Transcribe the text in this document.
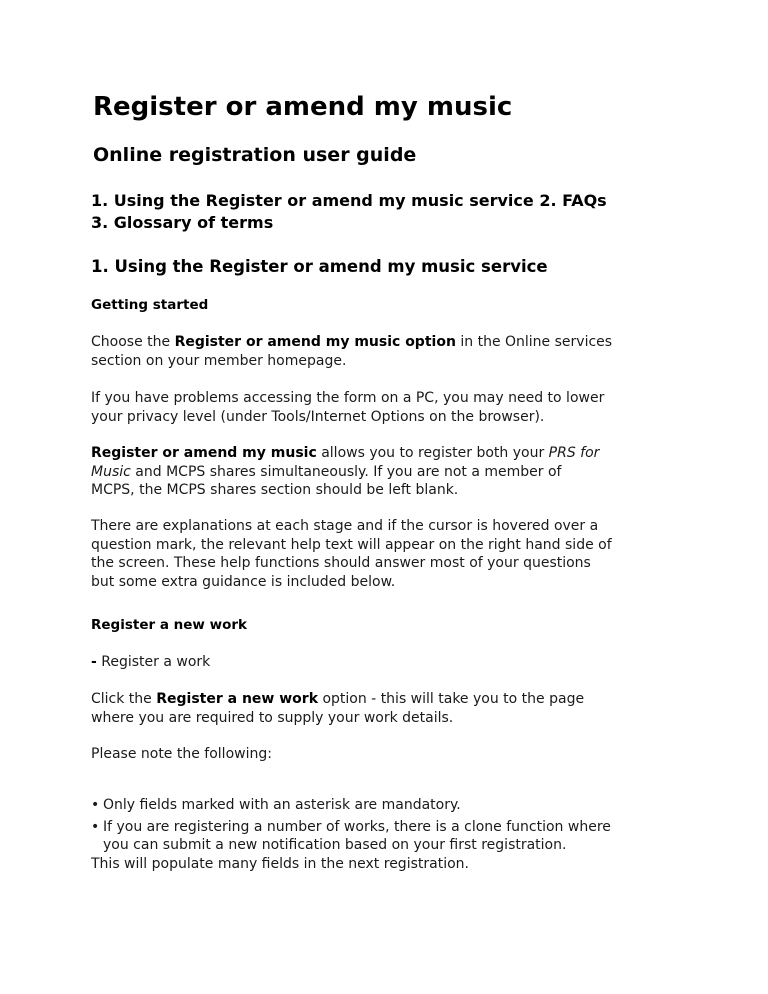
Register or amend my music
Online registration user guide
1. Using the Register or amend my music service 2. FAQs
3. Glossary of terms
1. Using the Register or amend my music service
Getting started
Choose the Register or amend my music option in the Online services
section on your member homepage.
If you have problems accessing the form on a PC, you may need to lower
your privacy level (under Tools/Internet Options on the browser).
Register or amend my music allows you to register both your PRS for
Music and MCPS shares simultaneously. If you are not a member of
MCPS, the MCPS shares section should be left blank.
There are explanations at each stage and if the cursor is hovered over a
question mark, the relevant help text will appear on the right hand side of
the screen. These help functions should answer most of your questions
but some extra guidance is included below.
Register a new work
- Register a work
Click the Register a new work option - this will take you to the page
where you are required to supply your work details.
Please note the following:
• Only fields marked with an asterisk are mandatory.
• If you are registering a number of works, there is a clone function where
you can submit a new notification based on your first registration.
This will populate many fields in the next registration.
